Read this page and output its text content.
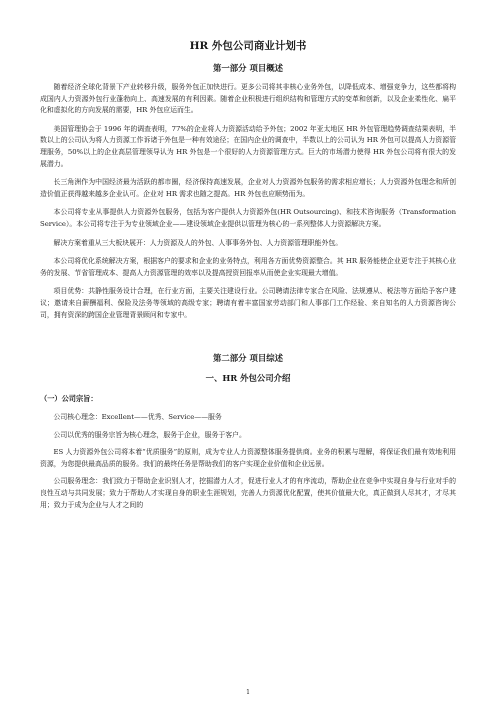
HR 外包公司商业计划书
第一部分 项目概述

随着经济全球化背景下产业转移升级，服务外包正加快进行。更多公司将其非核心业务外包，以降低成本、增强竞争力，这些都将构成国内人力资源外包行业蓬勃向上、高速发展的有利因素。随着企业积极进行组织结构和管理方式的变革和创新，以及企业柔性化、扁平化和虚拟化的方向发展的需要，HR 外包应运而生。

美国管理协会于 1996 年的调查表明，77%的企业将人力资源活动给予外包；2002 年亚太地区 HR 外包管理趋势调查结果表明，半数以上的公司认为将人力资源工作诉诸于外包是一种有效途径；在国内企业的调查中，半数以上的公司认为 HR 外包可以提高人力资源管理服务，50%以上的企业高层管理领导认为 HR 外包是一个很好的人力资源管理方式。巨大的市场潜力使得 HR 外包公司将有很大的发展潜力。

长三角洲作为中国经济最为活跃的都市圈，经济保持高速发展，企业对人力资源外包服务的需求相应增长；人力资源外包理念和所创造价值正获得越来越多企业认可。企业对 HR 需求也随之提高。HR 外包也应顺势而为。

本公司将专业从事提供人力资源外包服务，包括为客户提供人力资源外包(HR Outsourcing)、和技术咨询服务（Transformation Service）。本公司将专注于为专业领域企业——建设领域企业提供以管理为核心的一系列整体人力资源解决方案。

解决方案着重从三大板块展开：人力资源及人的外包、人事事务外包、人力资源管理职能外包。

本公司将优化系统解决方案，根据客户的要求和企业的业务特点，利用各方面优势资源整合。其 HR 服务能使企业更专注于其核心业务的发展、节省管理成本、提高人力资源管理的效率以及提高授资回报率从而使企业实现最大增值。

项目优势：共静性服务设计合理，在行业方面，主要关注建设行业。公司聘请法律专家合在风险、法规遵从、税法等方面给予客户建议；邀请来自薪酬福利、保险及法务等领域的高级专家；聘请有着丰富国家劳动部门和人事部门工作经验、来自知名的人力资源咨询公司，拥有资深的跨国企业管理背景顾问和专家中。

第二部分 项目综述
一、HR 外包公司介绍
（一）公司宗旨：

公司核心理念：Excellent——优秀、Service——服务

公司以优秀的服务宗旨为核心理念，服务于企业，服务于客户。

ES 人力资源外包公司将本着“优质服务”的原则，成为专业人力资源整体服务提供商。业务的积累与理解，将保证我们最有效地利用资源，为您提供最高品质的服务。我们的最终任务是帮助我们的客户实现企业价值和企业远景。

公司服务理念：我们致力于帮助企业识别人才，挖掘潜力人才，促进行业人才的有序流动，帮助企业在竞争中实现自身与行业对手的良性互动与共同发展；致力于帮助人才实现自身的职业生涯规划，完善人力资源优化配置，使其价值最大化，真正做到人尽其才，才尽其用；致力于成为企业与人才之间的

1
